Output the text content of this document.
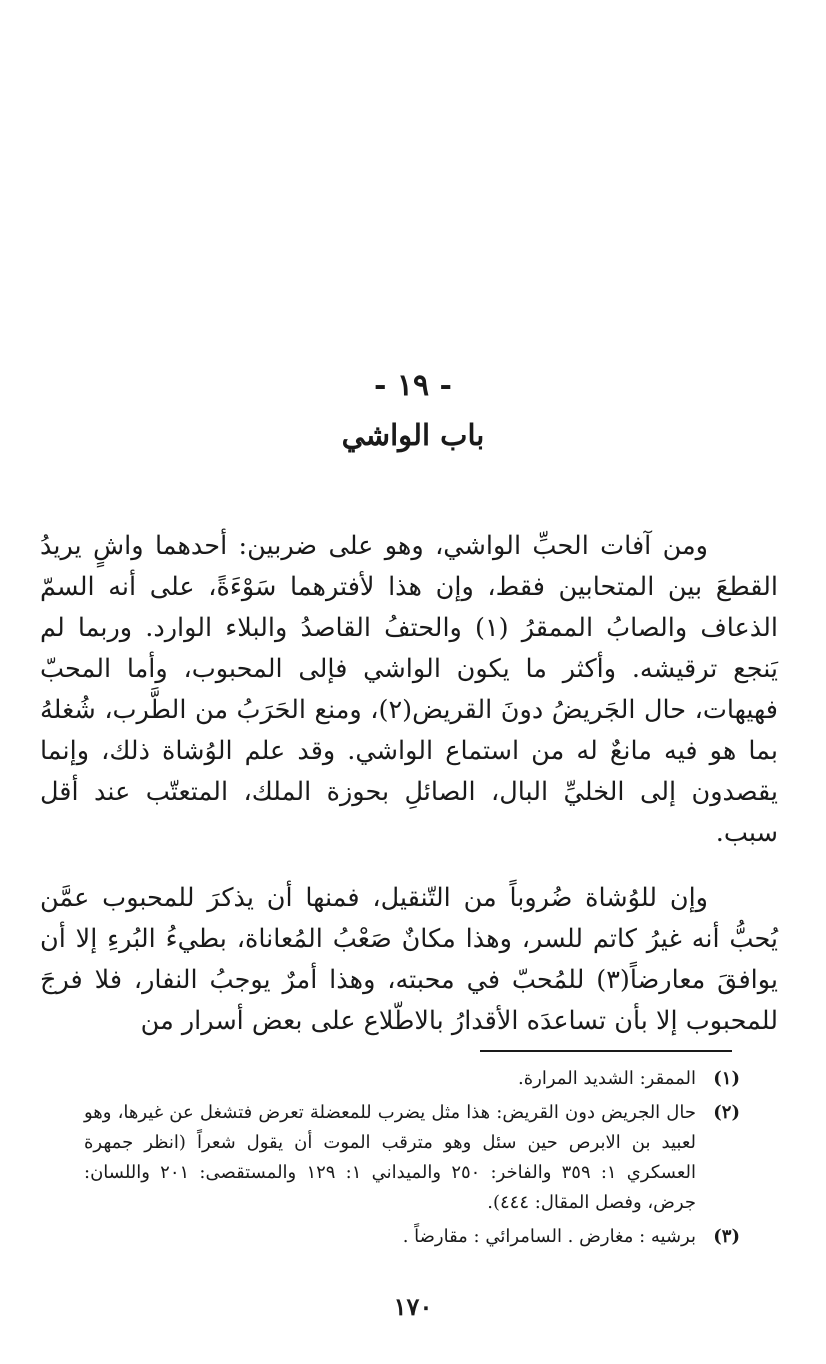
- ١٩ -
باب الواشي

ومن آفات الحبِّ الواشي، وهو على ضربين: أحدهما واشٍ يريدُ القطعَ بين المتحابين فقط، وإن هذا لأفترهما سَوْءَةً، على أنه السمّ الذعاف والصابُ الممقرُ (١) والحتفُ القاصدُ والبلاء الوارد. وربما لم يَنجع ترقيشه. وأكثر ما يكون الواشي فإلى المحبوب، وأما المحبّ فهيهات، حال الجَريضُ دونَ القريض(٢)، ومنع الحَرَبُ من الطَّرب، شُغلهُ بما هو فيه مانعٌ له من استماع الواشي. وقد علم الوُشاة ذلك، وإنما يقصدون إلى الخليِّ البال، الصائلِ بحوزة الملك، المتعتّب عند أقل سبب.

وإن للوُشاة ضُروباً من التّنقيل، فمنها أن يذكرَ للمحبوب عمَّن يُحبُّ أنه غيرُ كاتم للسر، وهذا مكانٌ صَعْبُ المُعاناة، بطيءُ البُرءِ إلا أن يوافقَ معارضاً(٣) للمُحبّ في محبته، وهذا أمرٌ يوجبُ النفار، فلا فرجَ للمحبوب إلا بأن تساعدَه الأقدارُ بالاطّلاع على بعض أسرار من

(١)
الممقر: الشديد المرارة.
(٢)
حال الجريض دون القريض: هذا مثل يضرب للمعضلة تعرض فتشغل عن غيرها، وهو لعبيد بن الابرص حين سئل وهو مترقب الموت أن يقول شعراً (انظر جمهرة العسكري ١: ٣٥٩ والفاخر: ٢٥٠ والميداني ١: ١٢٩ والمستقصى: ٢٠١ واللسان: جرض، وفصل المقال: ٤٤٤).
(٣)
برشيه : مغارض . السامرائي : مقارضاً .
١٧٠
